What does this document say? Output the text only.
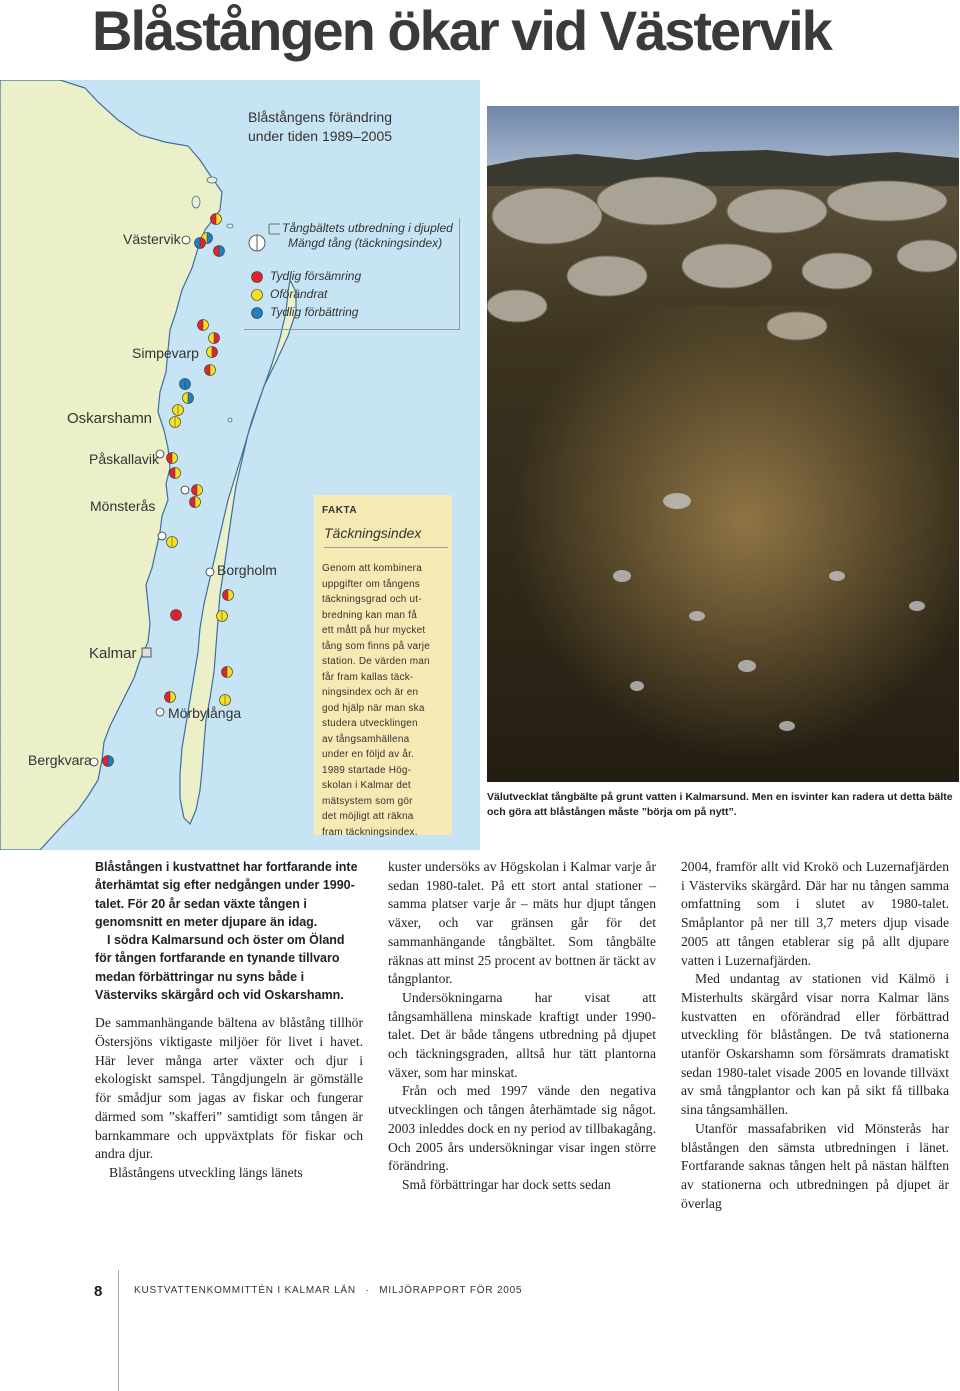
Blåstången ökar vid Västervik
Blåstångens förändring
under tiden 1989–2005
Västervik
Simpevarp
Oskarshamn
Påskallavik
Mönsterås
Kalmar
Borgholm
Mörbylånga
Bergkvara
Tångbältets utbredning i djupled
Mängd tång (täckningsindex)
Tydlig försämring
Oförändrat
Tydlig förbättring
FAKTA
Täckningsindex
Genom att kombinera
uppgifter om tångens
täckningsgrad och ut-
bredning kan man få
ett mått på hur mycket
tång som finns på varje
station. De värden man
får fram kallas täck-
ningsindex och är en
god hjälp när man ska
studera utvecklingen
av tångsamhällena
under en följd av år.
1989 startade Hög-
skolan i Kalmar det
mätsystem som gör
det möjligt att räkna
fram täckningsindex.
Välutvecklat tångbälte på grunt vatten i Kalmarsund. Men en isvinter kan radera ut detta bälte och göra att blåstången måste ”börja om på nytt”.

Blåstången i kustvattnet har fortfarande inte återhämtat sig efter nedgången under 1990-talet. För 20 år sedan växte tången i genomsnitt en meter djupare än idag.

I södra Kalmarsund och öster om Öland för tången fortfarande en tynande tillvaro medan förbättringar nu syns både i Västerviks skärgård och vid Oskarshamn.

De sammanhängande bältena av blåstång tillhör Östersjöns viktigaste miljöer för livet i havet. Här lever många arter växter och djur i ekologiskt samspel. Tångdjungeln är gömställe för smådjur som jagas av fiskar och fungerar därmed som ”skafferi” samtidigt som tången är barnkammare och uppväxtplats för fiskar och andra djur.

Blåstångens utveckling längs länets

kuster undersöks av Högskolan i Kalmar varje år sedan 1980-talet. På ett stort antal stationer – samma platser varje år – mäts hur djupt tången växer, och var gränsen går för det sammanhängande tångbältet. Som tångbälte räknas att minst 25 procent av bottnen är täckt av tångplantor.

Undersökningarna har visat att tångsamhällena minskade kraftigt under 1990-talet. Det är både tångens utbredning på djupet och täckningsgraden, alltså hur tätt plantorna växer, som har minskat.

Från och med 1997 vände den negativa utvecklingen och tången återhämtade sig något. 2003 inleddes dock en ny period av tillbakagång. Och 2005 års undersökningar visar ingen större förändring.

Små förbättringar har dock setts sedan

2004, framför allt vid Krokö och Luzernafjärden i Västerviks skärgård. Där har nu tången samma omfattning som i slutet av 1980-talet. Småplantor på ner till 3,7 meters djup visade 2005 att tången etablerar sig på allt djupare vatten i Luzernafjärden.

Med undantag av stationen vid Kälmö i Misterhults skärgård visar norra Kalmar läns kustvatten en oförändrad eller förbättrad utveckling för blåstången. De två stationerna utanför Oskarshamn som försämrats dramatiskt sedan 1980-talet visade 2005 en lovande tillväxt av små tångplantor och kan på sikt få tillbaka sina tångsamhällen.

Utanför massafabriken vid Mönsterås har blåstången den sämsta utbredningen i länet. Fortfarande saknas tången helt på nästan hälften av stationerna och utbredningen på djupet är överlag

8	KUSTVATTENKOMMITTÉN I KALMAR LÄN · MILJÖRAPPORT FÖR 2005
